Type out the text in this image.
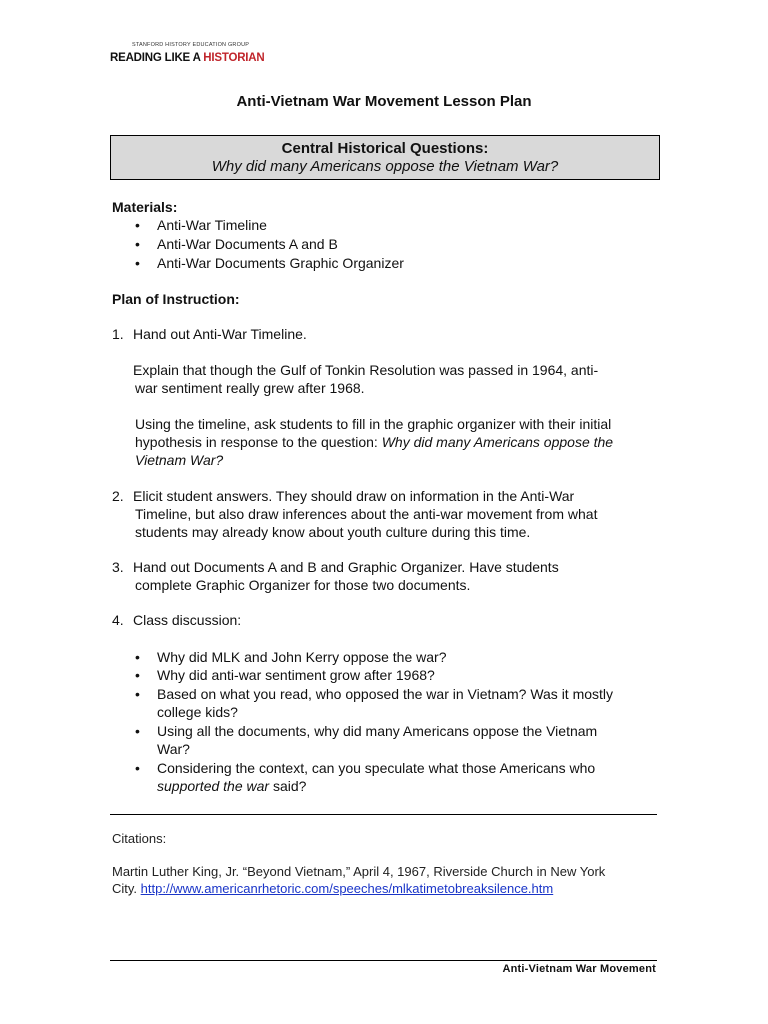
STANFORD HISTORY EDUCATION GROUP
READING LIKE A HISTORIAN
Anti-Vietnam War Movement Lesson Plan
Central Historical Questions:
Why did many Americans oppose the Vietnam War?
Materials:
• Anti-War Timeline
• Anti-War Documents A and B
• Anti-War Documents Graphic Organizer
Plan of Instruction:
1. Hand out Anti-War Timeline.
Explain that though the Gulf of Tonkin Resolution was passed in 1964, anti-
war sentiment really grew after 1968.
Using the timeline, ask students to fill in the graphic organizer with their initial
hypothesis in response to the question: Why did many Americans oppose the
Vietnam War?
2. Elicit student answers. They should draw on information in the Anti-War
Timeline, but also draw inferences about the anti-war movement from what
students may already know about youth culture during this time.
3. Hand out Documents A and B and Graphic Organizer. Have students
complete Graphic Organizer for those two documents.
4. Class discussion:
• Why did MLK and John Kerry oppose the war?
• Why did anti-war sentiment grow after 1968?
• Based on what you read, who opposed the war in Vietnam? Was it mostly
college kids?
• Using all the documents, why did many Americans oppose the Vietnam
War?
• Considering the context, can you speculate what those Americans who
supported the war said?
Citations:
Martin Luther King, Jr. “Beyond Vietnam,” April 4, 1967, Riverside Church in New York
City. http://www.americanrhetoric.com/speeches/mlkatimetobreaksilence.htm
Anti-Vietnam War Movement
